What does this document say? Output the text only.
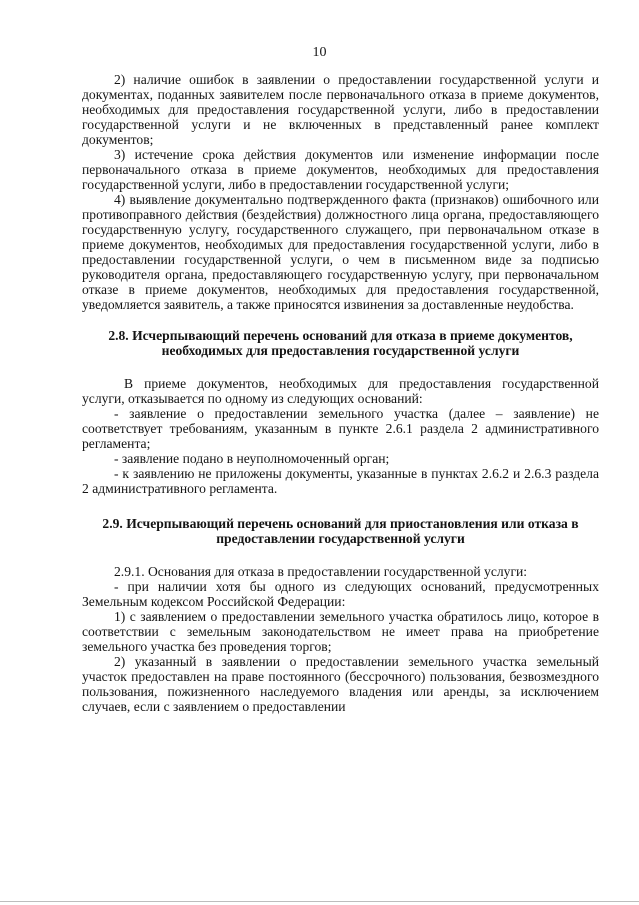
10

2) наличие ошибок в заявлении о предоставлении государственной услуги и документах, поданных заявителем после первоначального отказа в приеме документов, необходимых для предоставления государственной услуги, либо в предоставлении государственной услуги и не включенных в представленный ранее комплект документов;

3) истечение срока действия документов или изменение информации после первоначального отказа в приеме документов, необходимых для предоставления государственной услуги, либо в предоставлении государственной услуги;

4) выявление документально подтвержденного факта (признаков) ошибочного или противоправного действия (бездействия) должностного лица органа, предоставляющего государственную услугу, государственного служащего, при первоначальном отказе в приеме документов, необходимых для предоставления государственной услуги, либо в предоставлении государственной услуги, о чем в письменном виде за подписью руководителя органа, предоставляющего государственную услугу, при первоначальном отказе в приеме документов, необходимых для предоставления государственной, уведомляется заявитель, а также приносятся извинения за доставленные неудобства.

2.8. Исчерпывающий перечень оснований для отказа в приеме документов, необходимых для предоставления государственной услуги

В приеме документов, необходимых для предоставления государственной услуги, отказывается по одному из следующих оснований:

- заявление о предоставлении земельного участка (далее – заявление) не соответствует требованиям, указанным в пункте 2.6.1 раздела 2 административного регламента;

- заявление подано в неуполномоченный орган;

- к заявлению не приложены документы, указанные в пунктах 2.6.2 и 2.6.3 раздела 2 административного регламента.

2.9. Исчерпывающий перечень оснований для приостановления или отказа в предоставлении государственной услуги

2.9.1. Основания для отказа в предоставлении государственной услуги:

- при наличии хотя бы одного из следующих оснований, предусмотренных Земельным кодексом Российской Федерации:

1) с заявлением о предоставлении земельного участка обратилось лицо, которое в соответствии с земельным законодательством не имеет права на приобретение земельного участка без проведения торгов;

2) указанный в заявлении о предоставлении земельного участка земельный участок предоставлен на праве постоянного (бессрочного) пользования, безвозмездного пользования, пожизненного наследуемого владения или аренды, за исключением случаев, если с заявлением о предоставлении
